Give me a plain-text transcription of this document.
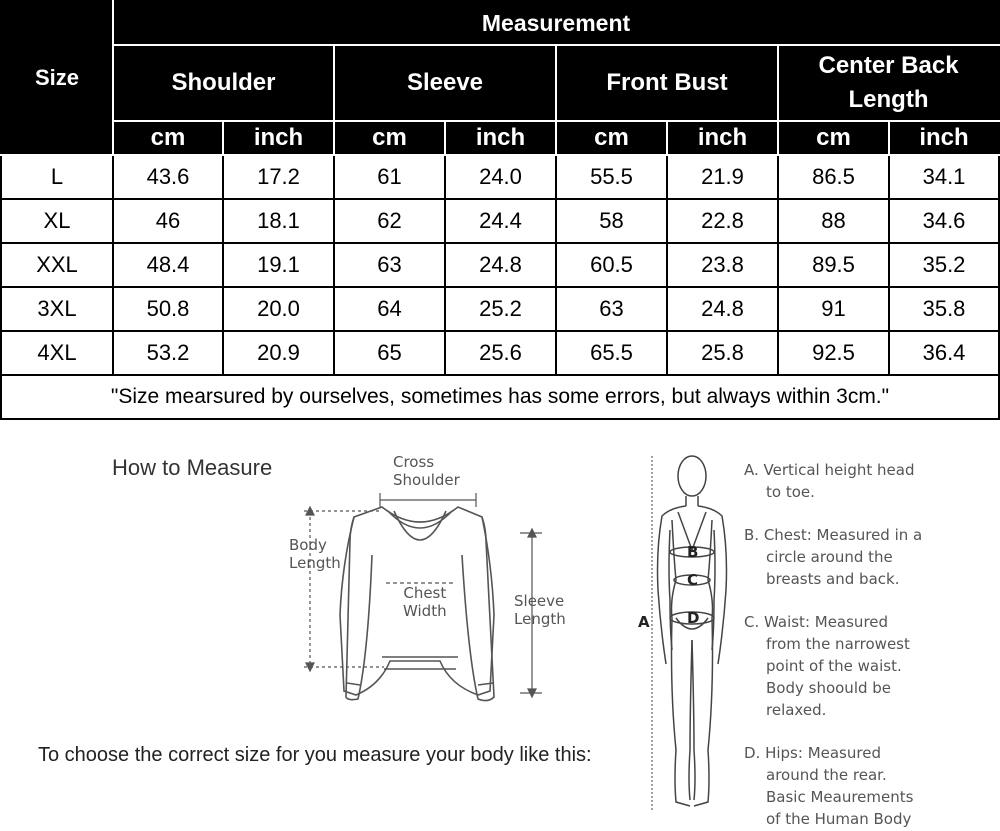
Size	Measurement							
	Shoulder		Sleeve		Front Bust		Center Back Length	
	cm	inch	cm	inch	cm	inch	cm	inch
L	43.6	17.2	61	24.0	55.5	21.9	86.5	34.1
XL	46	18.1	62	24.4	58	22.8	88	34.6
XXL	48.4	19.1	63	24.8	60.5	23.8	89.5	35.2
3XL	50.8	20.0	64	25.2	63	24.8	91	35.8
4XL	53.2	20.9	65	25.6	65.5	25.8	92.5	36.4
"Size mearsured by ourselves, sometimes has some errors, but always within 3cm."								
How to Measure	Cross
Shoulder
Body
Length
Chest
Width
Sleeve
Length
To choose the correct size for you measure your body like this:
A
B
C
D
A. Vertical height head
to toe.
B. Chest: Measured in a
circle around the
breasts and back.
C. Waist: Measured
from the narrowest
point of the waist.
Body shoould be
relaxed.
D. Hips: Measured
around the rear.
Basic Meaurements
of the Human Body
